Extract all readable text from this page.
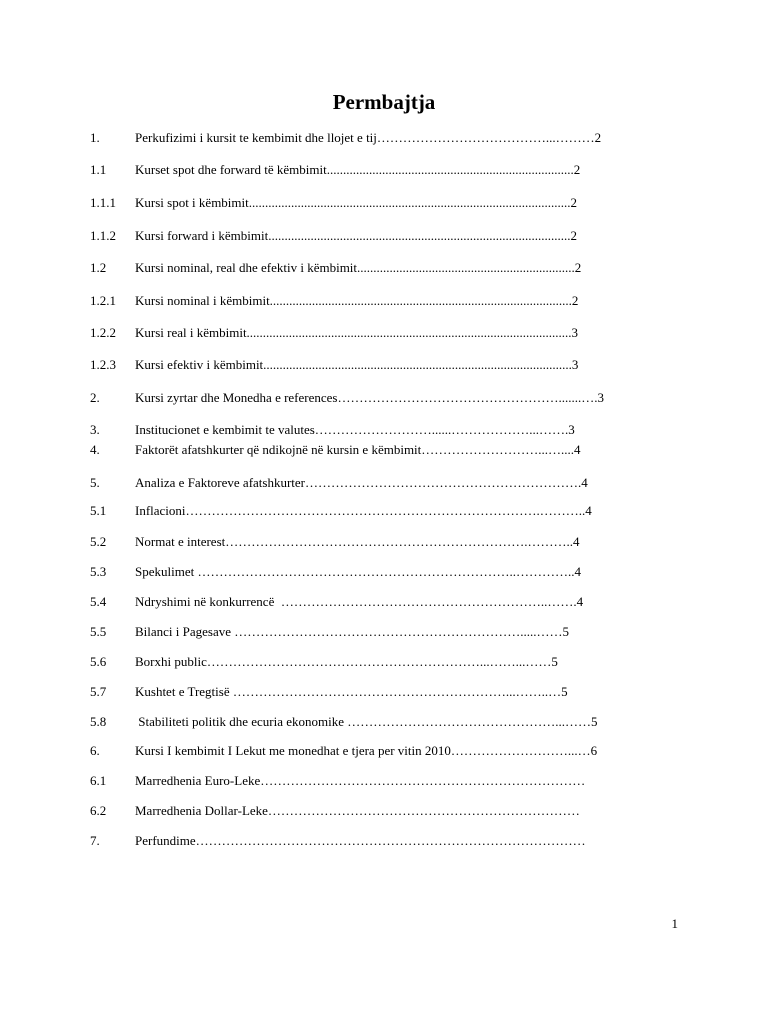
Permbajtja
1.	Perkufizimi i kursit te kembimit dhe llojet e tij…………………………………...………2
1.1 Kurset spot dhe forward të këmbimit............................................................................2
1.1.1 Kursi spot i këmbimit...................................................................................................2
1.1.2 Kursi forward i këmbimit.............................................................................................2
1.2 Kursi nominal, real dhe efektiv i këmbimit...................................................................2
1.2.1 Kursi nominal i këmbimit.............................................................................................2
1.2.2 Kursi real i këmbimit....................................................................................................3
1.2.3 Kursi efektiv i këmbimit...............................................................................................3
2.	Kursi zyrtar dhe Monedha e references…………………………………………….......….3
3.	Institucionet e kembimit te valutes………………………......………………...…….3
4.	Faktorët afatshkurter që ndikojnë në kursin e këmbimit………………………...…....4
5.	Analiza e Faktoreve afatshkurter……………………………………………………….4
5.1 Inflacioni……………………………………………………………………….………..4
5.2 Normat e interest…………………………………………………………….………..4
5.3 Spekulimet ………………………………………………………………..…………..4
5.4 Ndryshimi në konkurrencë  ……………………………………………………..…….4
5.5 Bilanci i Pagesave ………………………………………………………….....……5
5.6 Borxhi public………………………………………………………...……...……5
5.7 Kushtet e Tregtisë ………………………………………………………...……..…5
5.8 Stabiliteti politik dhe ecuria ekonomike …………………………………………...……5
6.	Kursi I kembimit I Lekut me monedhat e tjera per vitin 2010………………………...…6
6.1 Marredhenia Euro-Leke…………………………………………………………………
6.2 Marredhenia Dollar-Leke………………………………………………………………
7.	Perfundime………………………………………………………………………………
1
